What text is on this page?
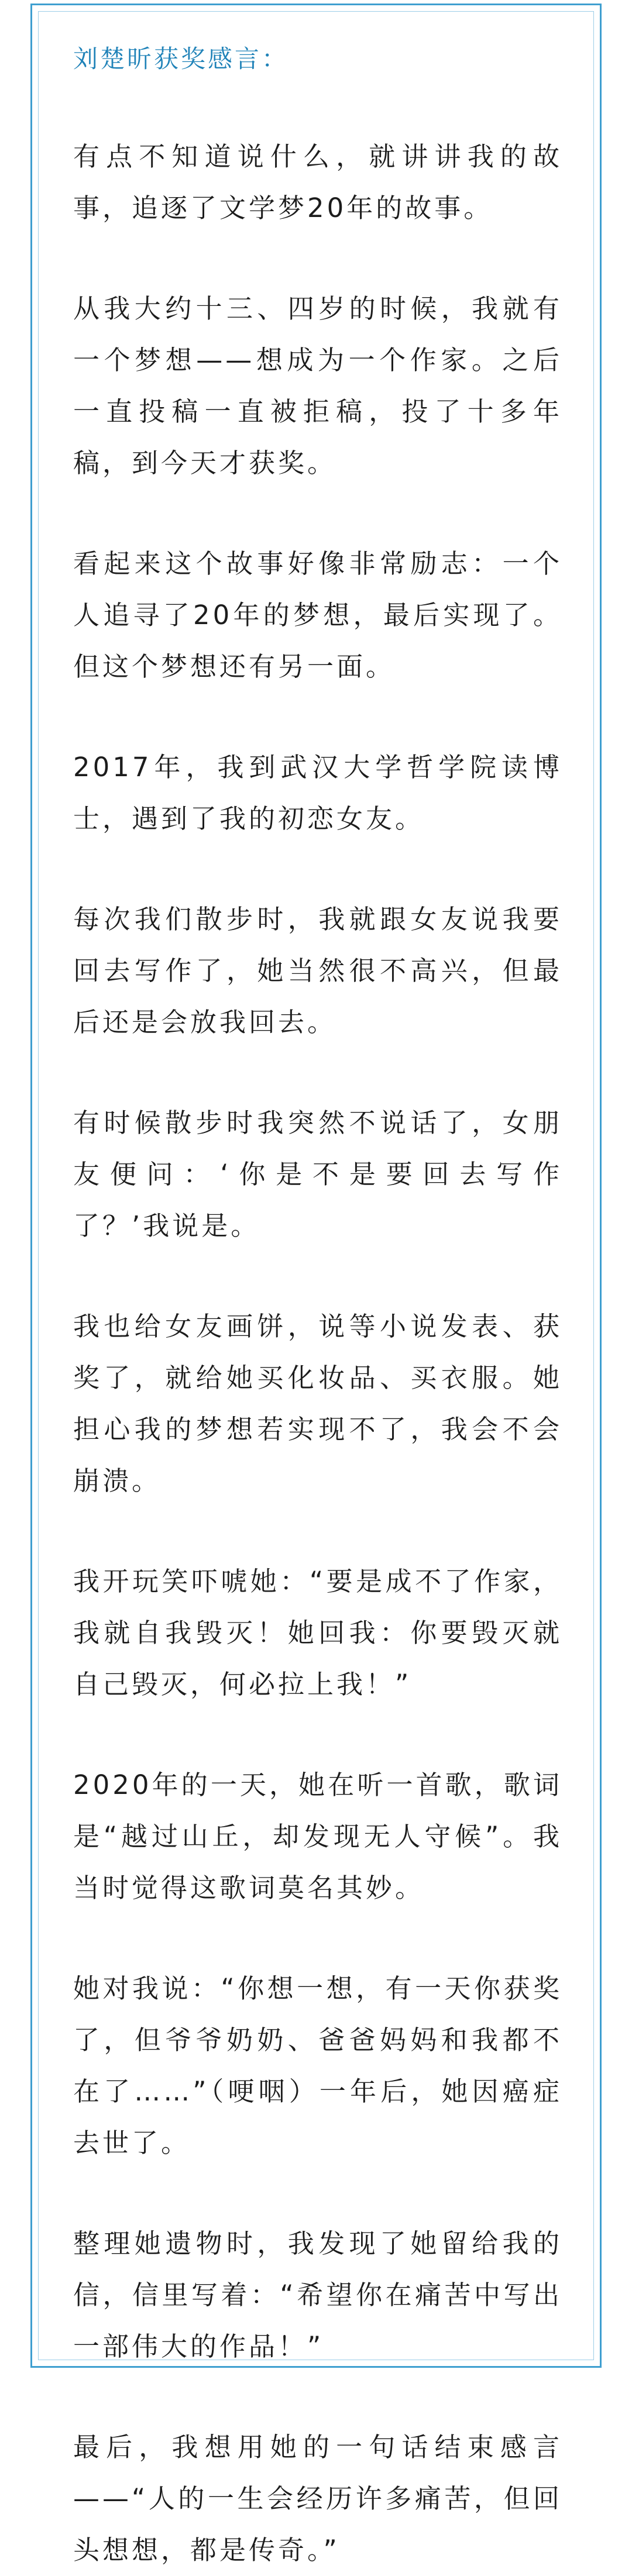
刘楚昕获奖感言：

有点不知道说什么，就讲讲我的故事，追逐了文学梦20年的故事。

从我大约十三、四岁的时候，我就有一个梦想——想成为一个作家。之后一直投稿一直被拒稿，投了十多年稿，到今天才获奖。

看起来这个故事好像非常励志：一个人追寻了20年的梦想，最后实现了。但这个梦想还有另一面。

2017年，我到武汉大学哲学院读博士，遇到了我的初恋女友。

每次我们散步时，我就跟女友说我要回去写作了，她当然很不高兴，但最后还是会放我回去。

有时候散步时我突然不说话了，女朋友便问：‘你是不是要回去写作了？’我说是。

我也给女友画饼，说等小说发表、获奖了，就给她买化妆品、买衣服。她担心我的梦想若实现不了，我会不会崩溃。

我开玩笑吓唬她：“要是成不了作家，我就自我毁灭！她回我：你要毁灭就自己毁灭，何必拉上我！”

2020年的一天，她在听一首歌，歌词是“越过山丘，却发现无人守候”。我当时觉得这歌词莫名其妙。

她对我说：“你想一想，有一天你获奖了，但爷爷奶奶、爸爸妈妈和我都不在了……”（哽咽）一年后，她因癌症去世了。

整理她遗物时，我发现了她留给我的信，信里写着：“希望你在痛苦中写出一部伟大的作品！”

最后，我想用她的一句话结束感言——“人的一生会经历许多痛苦，但回头想想，都是传奇。”
